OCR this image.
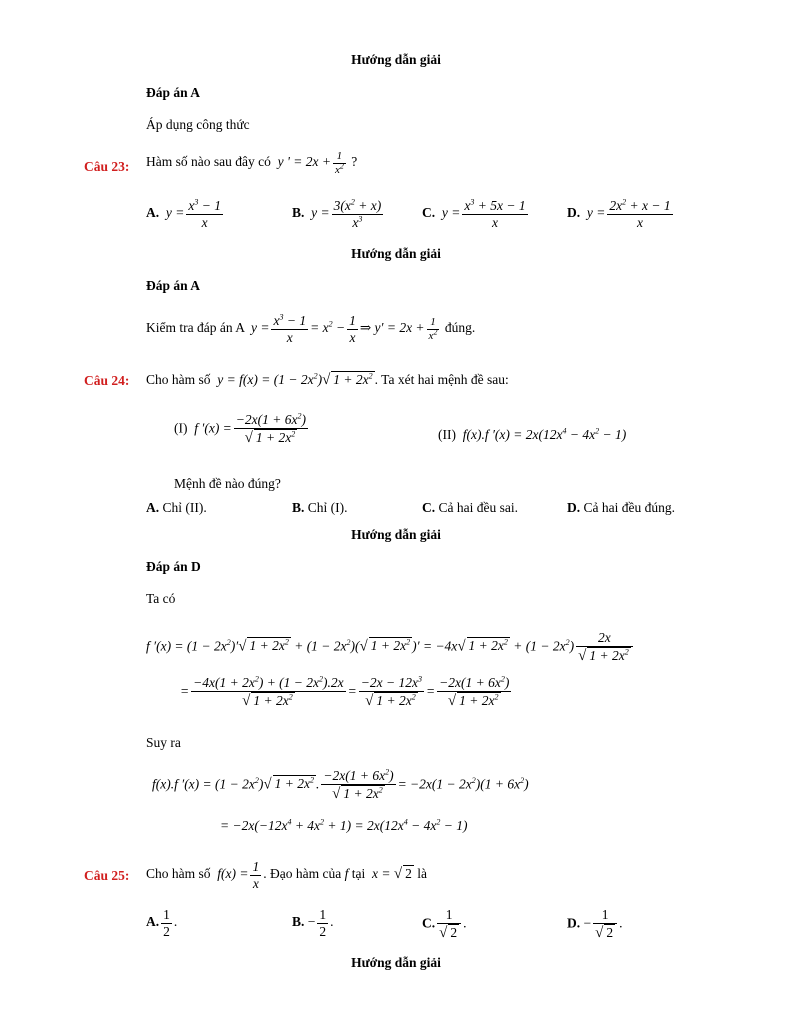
Hướng dẫn giải
Đáp án A
Áp dụng công thức
Câu 23: Hàm số nào sau đây có  y ' = $2x + \frac{1}{x^2}$ ?
A.  $y = \frac{x^3 - 1}{x}$	B.  $y = \frac{3(x^2 + x)}{x^3}$	C.  $y = \frac{x^3 + 5x - 1}{x}$	D.  $y = \frac{2x^2 + x - 1}{x}$
Hướng dẫn giải
Đáp án A
Kiểm tra đáp án A  $y = \frac{x^3 - 1}{x} = x^2 - \frac{1}{x}$ ⇒ $y' = 2x + \frac{1}{x^2}$ đúng.
Câu 24: Cho hàm số  $y = f(x) = (1 - 2x^2)√$ $1 + 2x^2$ . Ta xét hai mệnh đề sau:
(I)  f $'(x) = \frac{-2x(1 + 6x^2)}{√ 1 + 2x^2}$	(II)  f(x).f $'(x) = 2x(12x^4 - 4x^2 - 1)$
Mệnh đề nào đúng?
A. Chỉ (II).	B. Chỉ (I).	C. Cả hai đều sai.	D. Cả hai đều đúng.
Hướng dẫn giải
Đáp án D
Ta có
f $'(x) = (1 - 2x^2)'√$ $1 + 2x^2 + (1 - 2x^2)(√$ $1 + 2x^2$ )′ = −4x√ $1 + 2x^2 + (1 - 2x^2) \frac{2x}{√ 1 + 2x^2}$
= $\frac{-4x(1 + 2x^2) + (1 - 2x^2).2x}{√ 1 + 2x^2} = \frac{-2x - 12x^3}{√ 1 + 2x^2} = \frac{-2x(1 + 6x^2)}{√ 1 + 2x^2}$
Suy ra
f(x).f $'(x) = (1 - 2x^2)√$ $1 + 2x^2$ . $\frac{-2x(1 + 6x^2)}{√ 1 + 2x^2} = -2x(1 - 2x^2)(1 + 6x^2)$
= $-2x(-12x^4 + 4x^2 + 1) = 2x(12x^4 - 4x^2 - 1)$
Câu 25: Cho hàm số  $f(x) = \frac{1}{x}$ . Đạo hàm của f tại  x = √ 2 là
A. $\frac{1}{2}$ .	B. − $\frac{1}{2}$ .	C. $\frac{1}{√ 2}$ .	D. − $\frac{1}{√ 2}$ .
Hướng dẫn giải
